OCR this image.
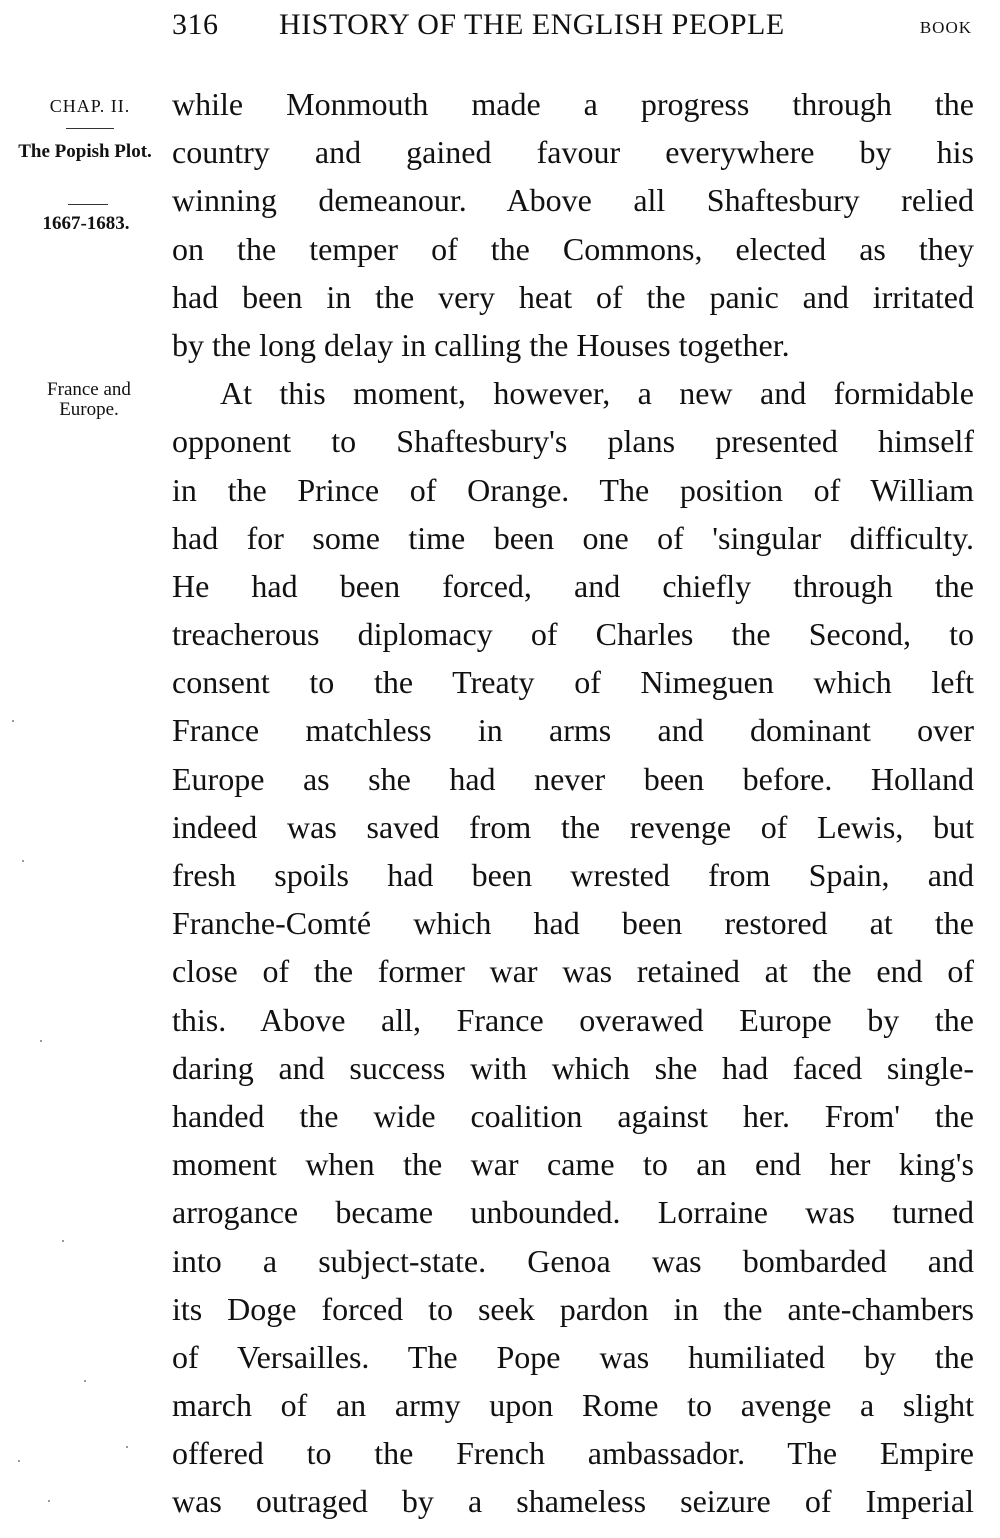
316 HISTORY OF THE ENGLISH PEOPLE	BOOK
CHAP. II.
The Popish Plot.
1667-1683.
France and Europe.
while Monmouth made a progress through the
country and gained favour everywhere by his
winning demeanour. Above all Shaftesbury relied
on the temper of the Commons, elected as they
had been in the very heat of the panic and irritated
by the long delay in calling the Houses together.
At this moment, however, a new and formidable
opponent to Shaftesbury's plans presented himself
in the Prince of Orange. The position of William
had for some time been one of 'singular difficulty.
He had been forced, and chiefly through the
treacherous diplomacy of Charles the Second, to
consent to the Treaty of Nimeguen which left
France matchless in arms and dominant over
Europe as she had never been before. Holland
indeed was saved from the revenge of Lewis, but
fresh spoils had been wrested from Spain, and
Franche-Comté which had been restored at the
close of the former war was retained at the end of
this. Above all, France overawed Europe by the
daring and success with which she had faced single-
handed the wide coalition against her. From' the
moment when the war came to an end her king's
arrogance became unbounded. Lorraine was turned
into a subject-state. Genoa was bombarded and
its Doge forced to seek pardon in the ante-chambers
of Versailles. The Pope was humiliated by the
march of an army upon Rome to avenge a slight
offered to the French ambassador. The Empire
was outraged by a shameless seizure of Imperial
